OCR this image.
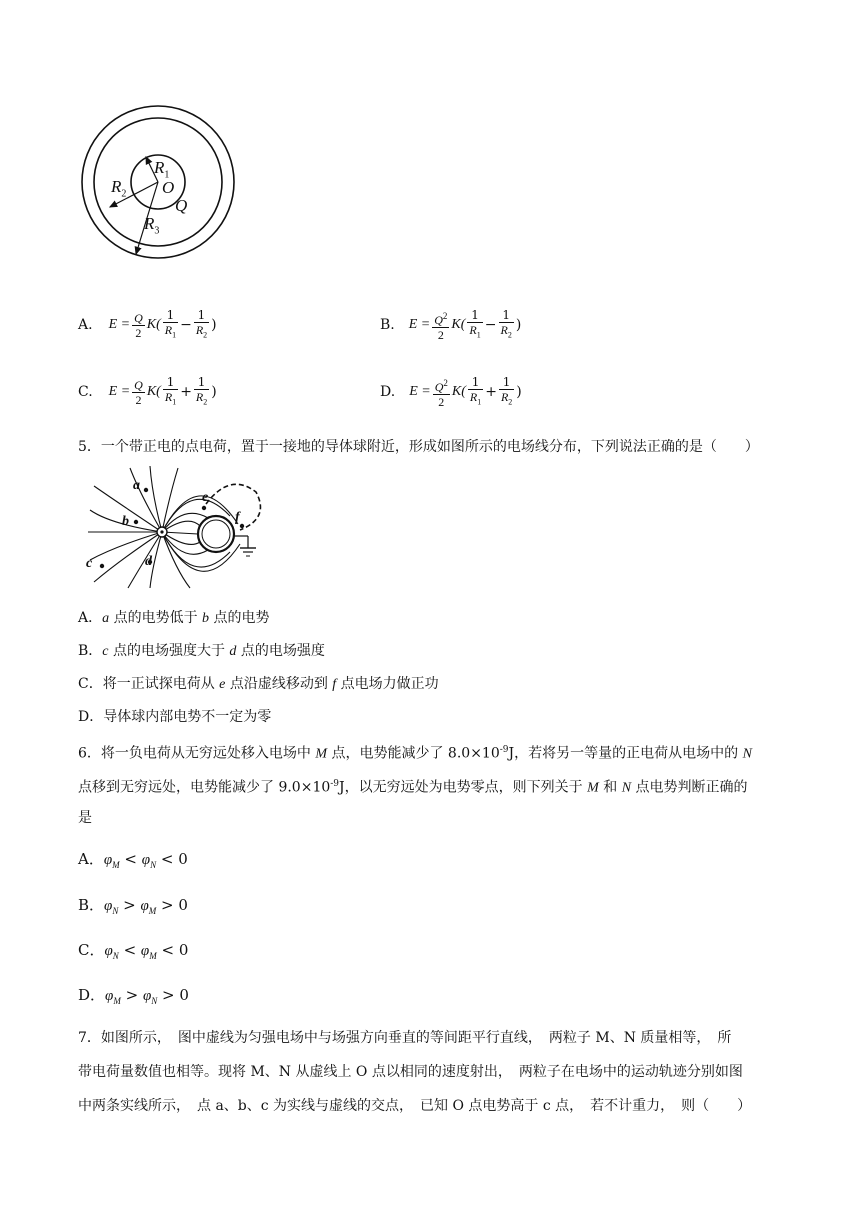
$R_1$
$R_2$
$R_3$
O
Q
A. $E = \frac{Q}{2} K( \frac{1}{R_1} - \frac{1}{R_2}$ )	B. $E = \frac{Q^2}{2} K( \frac{1}{R_1} - \frac{1}{R_2}$ )
C. $E = \frac{Q}{2} K( \frac{1}{R_1} + \frac{1}{R_2}$ )	D. $E = \frac{Q^2}{2} K( \frac{1}{R_1} + \frac{1}{R_2}$ )
5．一个带正电的点电荷，置于一接地的导体球附近，形成如图所示的电场线分布，下列说法正确的是（　　）
a
b
c	d
e
f
A．a 点的电势低于 b 点的电势
B．c 点的电场强度大于 d 点的电场强度
C．将一正试探电荷从 e 点沿虚线移动到 f 点电场力做正功
D．导体球内部电势不一定为零
6．将一负电荷从无穷远处移入电场中 M 点，电势能减少了 $8.0\times 10^{-9}J$，若将另一等量的正电荷从电场中的 N
点移到无穷远处，电势能减少了 $9.0\times 10^{-9}J$，以无穷远处为电势零点，则下列关于 M 和 N 点电势判断正确的
是
A．$\varphi_M < \varphi_N < 0$
B．$\varphi_N > \varphi_M > 0$
C．$\varphi_N < \varphi_M < 0$
D．$\varphi_M > \varphi_N > 0$
7．如图所示，　图中虚线为匀强电场中与场强方向垂直的等间距平行直线，　两粒子 M、N 质量相等，　所
带电荷量数值也相等。现将 M、N 从虚线上 O 点以相同的速度射出，　两粒子在电场中的运动轨迹分别如图
中两条实线所示，　点 a、b、c 为实线与虚线的交点，　已知 O 点电势高于 c 点，　若不计重力，　则（　　）
